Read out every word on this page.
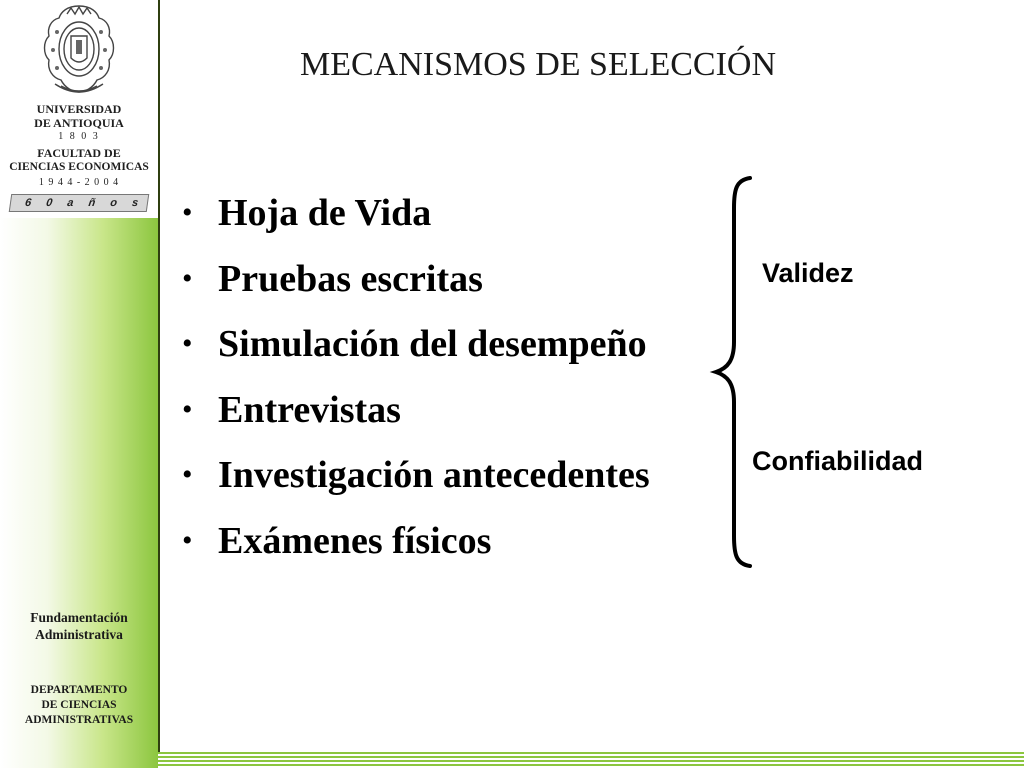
UNIVERSIDAD
DE ANTIOQUIA
1 8 0 3
FACULTAD DE
CIENCIAS ECONOMICAS
1 9 4 4 - 2 0 0 4
6 0 a ñ o s
Fundamentación
Administrativa
DEPARTAMENTO
DE CIENCIAS
ADMINISTRATIVAS
MECANISMOS DE SELECCIÓN
• Hoja de Vida
• Pruebas escritas
• Simulación del desempeño
• Entrevistas
• Investigación antecedentes
• Exámenes físicos
Validez
Confiabilidad
